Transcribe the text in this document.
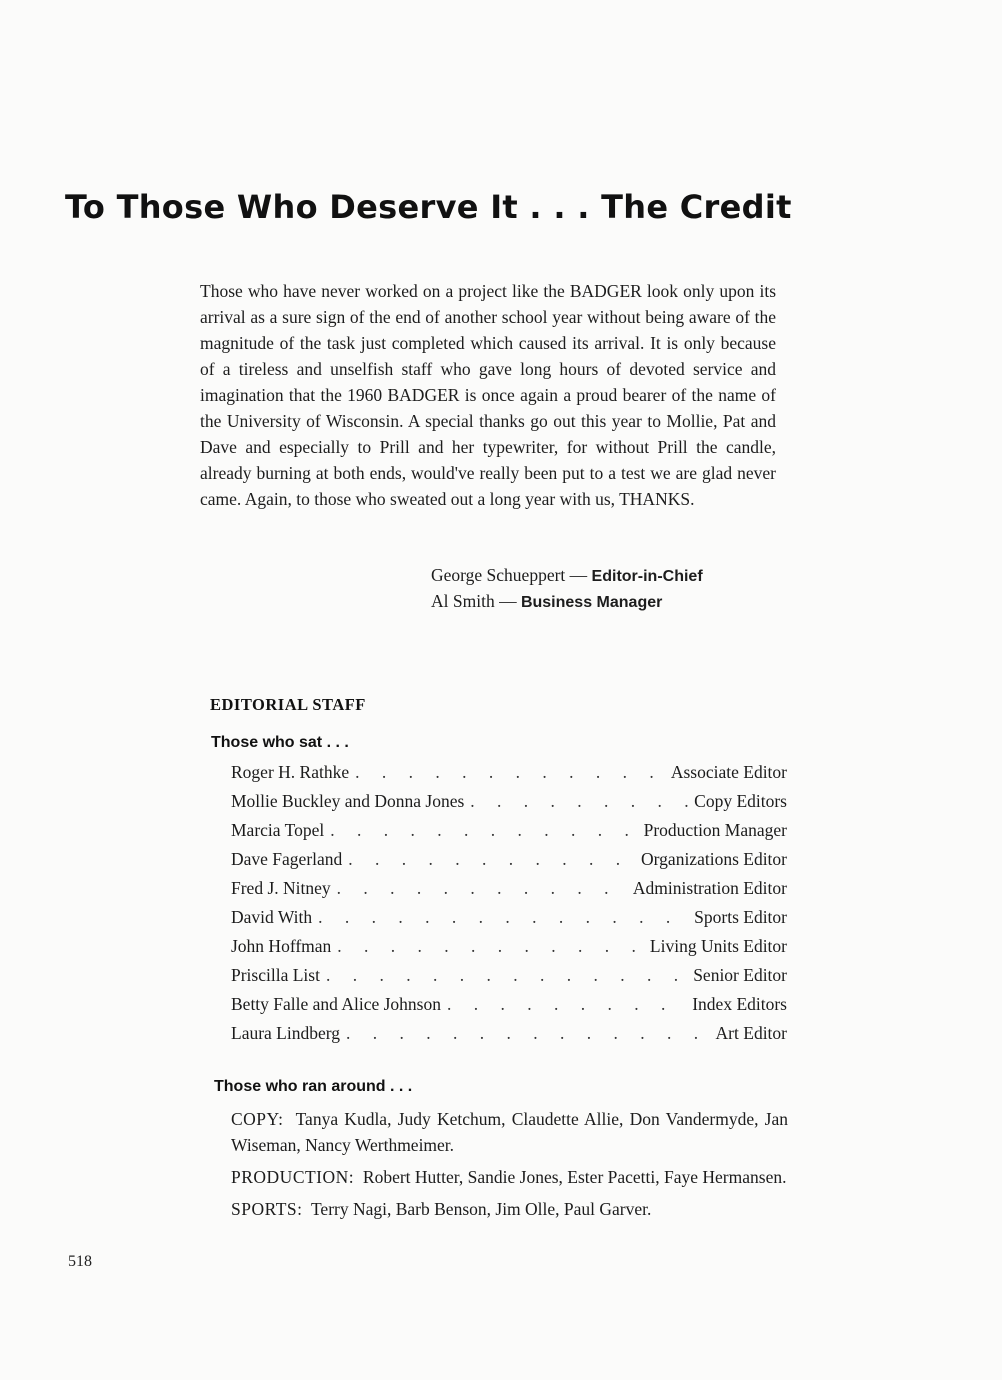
To Those Who Deserve It . . . The Credit

Those who have never worked on a project like the BADGER look only upon its arrival as a sure sign of the end of another school year without being aware of the magnitude of the task just completed which caused its arrival. It is only because of a tireless and unselfish staff who gave long hours of devoted service and imagination that the 1960 BADGER is once again a proud bearer of the name of the University of Wisconsin. A special thanks go out this year to Mollie, Pat and Dave and especially to Prill and her typewriter, for without Prill the candle, already burning at both ends, would've really been put to a test we are glad never came. Again, to those who sweated out a long year with us, THANKS.

George Schueppert — Editor-in-Chief
Al Smith — Business Manager
EDITORIAL STAFF
Those who sat . . .
Roger H. Rathke . . .	Associate Editor
Mollie Buckley and Donna Jones . . .	Copy Editors
Marcia Topel . . .	Production Manager
Dave Fagerland . . .	Organizations Editor
Fred J. Nitney . . .	Administration Editor
David With . . .	Sports Editor
John Hoffman . . .	Living Units Editor
Priscilla List . . .	Senior Editor
Betty Falle and Alice Johnson . . .	Index Editors
Laura Lindberg . . .	Art Editor
Those who ran around . . .

COPY: Tanya Kudla, Judy Ketchum, Claudette Allie, Don Vandermyde, Jan Wiseman, Nancy Werthmeimer.

PRODUCTION: Robert Hutter, Sandie Jones, Ester Pacetti, Faye Hermansen.

SPORTS: Terry Nagi, Barb Benson, Jim Olle, Paul Garver.

518
